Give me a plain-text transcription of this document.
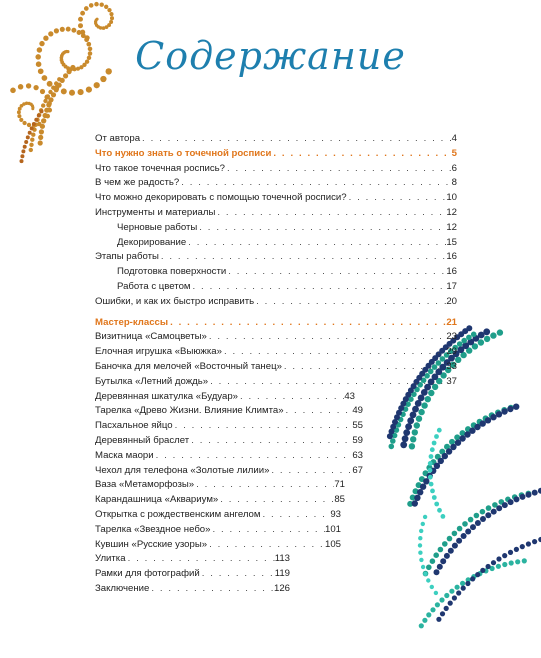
Содержание
От автора . . .	4
Что нужно знать о точечной росписи . . .	5
Что такое точечная роспись? . . .	6
В чем же радость? . . .	8
Что можно декорировать с помощью точечной росписи? . . .	10
Инструменты и материалы . . .	12
Черновые работы . . .	12
Декорирование . . .	15
Этапы работы . . .	16
Подготовка поверхности . . .	16
Работа с цветом . . .	17
Ошибки, и как их быстро исправить . . .	20
Мастер-классы . . .	21
Визитница «Самоцветы» . . .	23
Елочная игрушка «Выюжка» . . .	29
Баночка для мелочей «Восточный танец» . . .	33
Бутылка «Летний дождь» . . .	37
Деревянная шкатулка «Будуар» . . .	43
Тарелка «Древо Жизни. Влияние Климта» . . .	49
Пасхальное яйцо . . .	55
Деревянный браслет . . .	59
Маска маори . . .	63
Чехол для телефона «Золотые лилии» . . .	67
Ваза «Метаморфозы» . . .	71
Карандашница «Аквариум» . . .	85
Открытка с рождественским ангелом . . .	93
Тарелка «Звездное небо» . . .	101
Кувшин «Русские узоры» . . .	105
Улитка . . .	113
Рамки для фотографий . . .	119
Заключение . . .	126
